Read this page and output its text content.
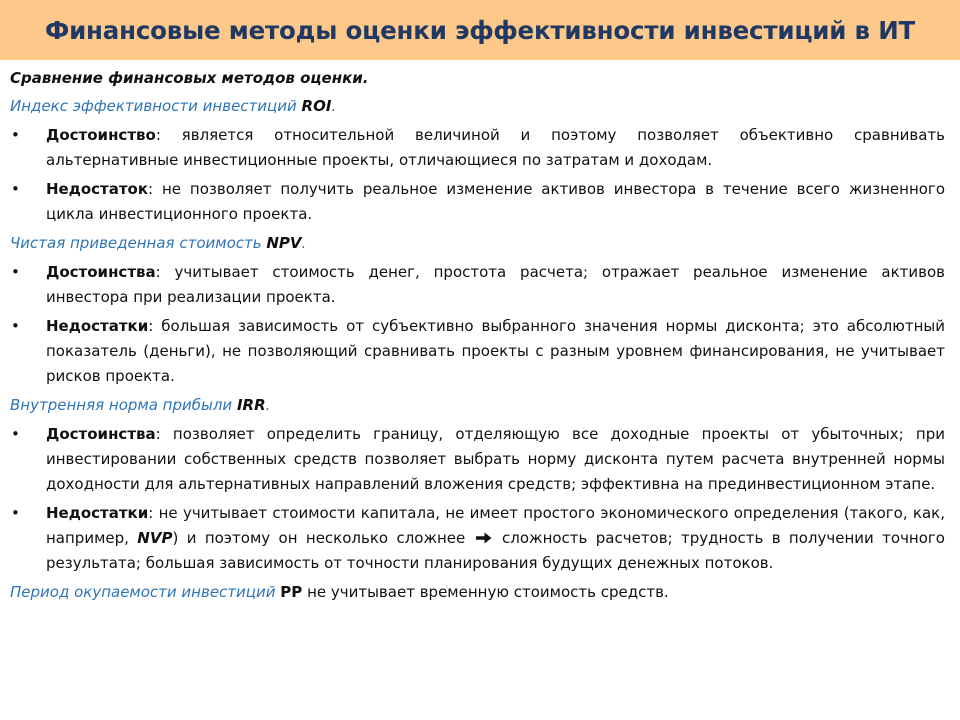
Финансовые методы оценки эффективности инвестиций в ИТ
Сравнение финансовых методов оценки.
Индекс эффективности инвестиций ROI.
•	Достоинство: является относительной величиной и поэтому позволяет объективно сравнивать альтернативные инвестиционные проекты, отличающиеся по затратам и доходам.
•	Недостаток: не позволяет получить реальное изменение активов инвестора в течение всего жизненного цикла инвестиционного проекта.
Чистая приведенная стоимость NPV.
•	Достоинства: учитывает стоимость денег, простота расчета; отражает реальное изменение активов инвестора при реализации проекта.
•	Недостатки: большая зависимость от субъективно выбранного значения нормы дисконта; это абсолютный показатель (деньги), не позволяющий сравнивать проекты с разным уровнем финансирования, не учитывает рисков проекта.
Внутренняя норма прибыли IRR.
•	Достоинства: позволяет определить границу, отделяющую все доходные проекты от убыточных; при инвестировании собственных средств позволяет выбрать норму дисконта путем расчета внутренней нормы доходности для альтернативных направлений вложения средств; эффективна на прединвестиционном этапе.
•	Недостатки: не учитывает стоимости капитала, не имеет простого экономического определения (такого, как, например, NVP) и поэтому он несколько сложнее сложность расчетов; трудность в получении точного результата; большая зависимость от точности планирования будущих денежных потоков.
Период окупаемости инвестиций PP не учитывает временную стоимость средств.
